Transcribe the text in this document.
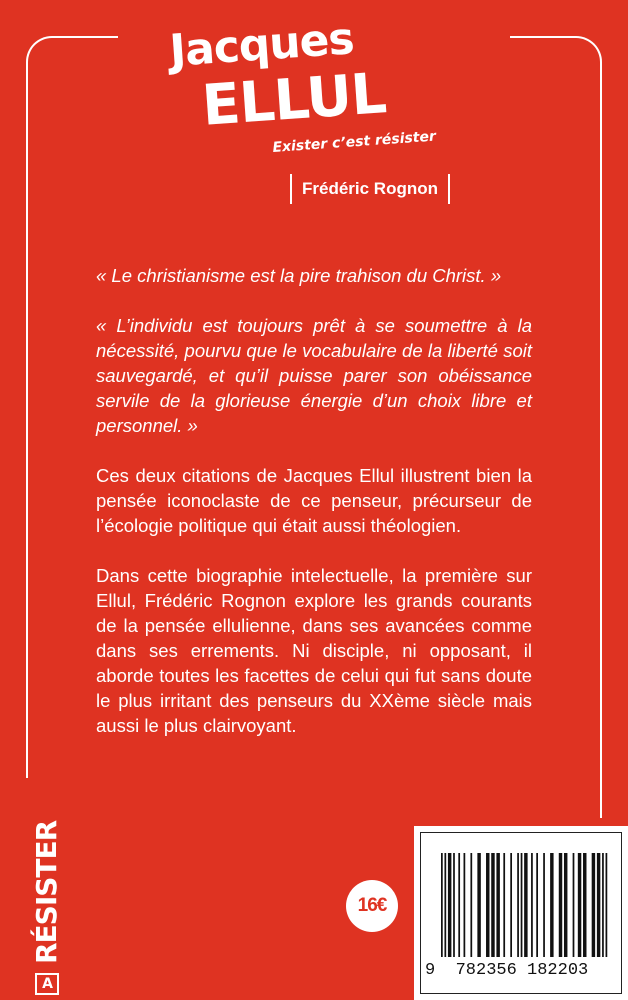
Jacques
ELLUL
Exister c’est résister
Frédéric Rognon

« Le christianisme est la pire trahison du Christ. »

« L’individu est toujours prêt à se soumettre à la nécessité, pourvu que le vocabulaire de la liberté soit sauvegardé, et qu’il puisse parer son obéissance servile de la glorieuse énergie d’un choix libre et personnel. »

Ces deux citations de Jacques Ellul illustrent bien la pensée iconoclaste de ce penseur, précurseur de l’écologie politique qui était aussi théologien.

Dans cette biographie intelectuelle, la première sur Ellul, Frédéric Rognon explore les grands courants de la pensée ellulienne, dans ses avancées comme dans ses errements. Ni disciple, ni opposant, il aborde toutes les facettes de celui qui fut sans doute le plus irritant des penseurs du XXème siècle mais aussi le plus clairvoyant.

A
RÉSISTER	16€
9 782356 182203
